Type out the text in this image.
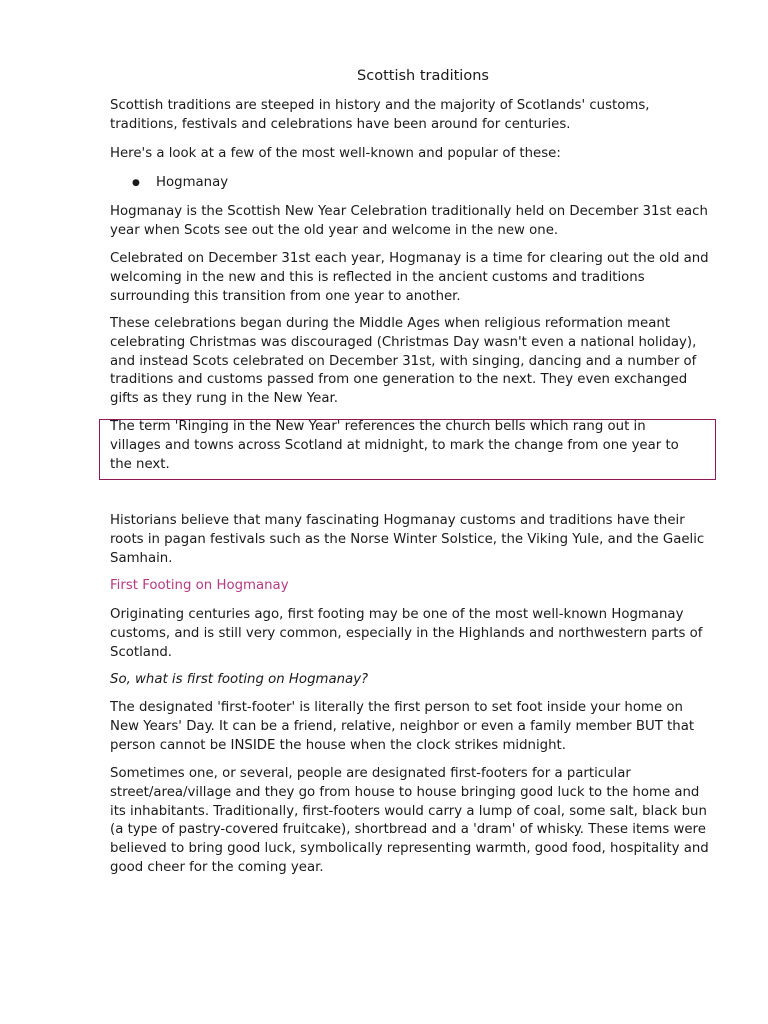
Scottish traditions

Scottish traditions are steeped in history and the majority of Scotlands' customs, traditions, festivals and celebrations have been around for centuries.

Here's a look at a few of the most well-known and popular of these:

● Hogmanay

Hogmanay is the Scottish New Year Celebration traditionally held on December 31st each year when Scots see out the old year and welcome in the new one.

Celebrated on December 31st each year, Hogmanay is a time for clearing out the old and welcoming in the new and this is reflected in the ancient customs and traditions surrounding this transition from one year to another.

These celebrations began during the Middle Ages when religious reformation meant celebrating Christmas was discouraged (Christmas Day wasn't even a national holiday), and instead Scots celebrated on December 31st, with singing, dancing and a number of traditions and customs passed from one generation to the next. They even exchanged gifts as they rung in the New Year.

The term 'Ringing in the New Year' references the church bells which rang out in villages and towns across Scotland at midnight, to mark the change from one year to the next.

Historians believe that many fascinating Hogmanay customs and traditions have their roots in pagan festivals such as the Norse Winter Solstice, the Viking Yule, and the Gaelic Samhain.

First Footing on Hogmanay

Originating centuries ago, first footing may be one of the most well-known Hogmanay customs, and is still very common, especially in the Highlands and northwestern parts of Scotland.

So, what is first footing on Hogmanay?

The designated 'first-footer' is literally the first person to set foot inside your home on New Years' Day. It can be a friend, relative, neighbor or even a family member BUT that person cannot be INSIDE the house when the clock strikes midnight.

Sometimes one, or several, people are designated first-footers for a particular street/area/village and they go from house to house bringing good luck to the home and its inhabitants. Traditionally, first-footers would carry a lump of coal, some salt, black bun (a type of pastry-covered fruitcake), shortbread and a 'dram' of whisky. These items were believed to bring good luck, symbolically representing warmth, good food, hospitality and good cheer for the coming year.
